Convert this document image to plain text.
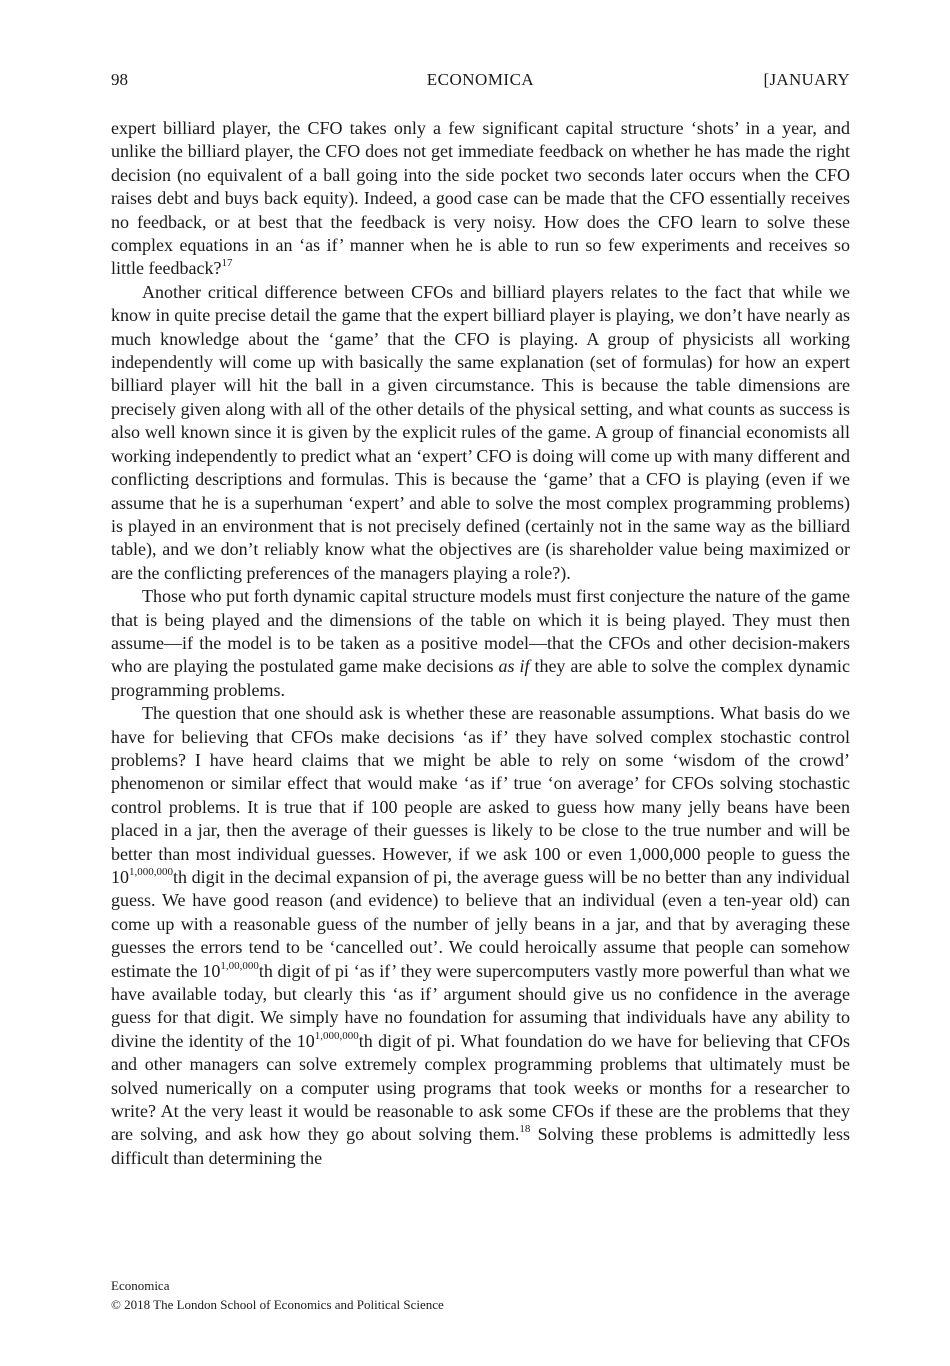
98	ECONOMICA	[JANUARY

expert billiard player, the CFO takes only a few significant capital structure ‘shots’ in a year, and unlike the billiard player, the CFO does not get immediate feedback on whether he has made the right decision (no equivalent of a ball going into the side pocket two seconds later occurs when the CFO raises debt and buys back equity). Indeed, a good case can be made that the CFO essentially receives no feedback, or at best that the feedback is very noisy. How does the CFO learn to solve these complex equations in an ‘as if’ manner when he is able to run so few experiments and receives so little feedback?$^{17}$

Another critical difference between CFOs and billiard players relates to the fact that while we know in quite precise detail the game that the expert billiard player is playing, we don’t have nearly as much knowledge about the ‘game’ that the CFO is playing. A group of physicists all working independently will come up with basically the same explanation (set of formulas) for how an expert billiard player will hit the ball in a given circumstance. This is because the table dimensions are precisely given along with all of the other details of the physical setting, and what counts as success is also well known since it is given by the explicit rules of the game. A group of financial economists all working independently to predict what an ‘expert’ CFO is doing will come up with many different and conflicting descriptions and formulas. This is because the ‘game’ that a CFO is playing (even if we assume that he is a superhuman ‘expert’ and able to solve the most complex programming problems) is played in an environment that is not precisely defined (certainly not in the same way as the billiard table), and we don’t reliably know what the objectives are (is shareholder value being maximized or are the conflicting preferences of the managers playing a role?).

Those who put forth dynamic capital structure models must first conjecture the nature of the game that is being played and the dimensions of the table on which it is being played. They must then assume—if the model is to be taken as a positive model—that the CFOs and other decision-makers who are playing the postulated game make decisions as if they are able to solve the complex dynamic programming problems.

The question that one should ask is whether these are reasonable assumptions. What basis do we have for believing that CFOs make decisions ‘as if’ they have solved complex stochastic control problems? I have heard claims that we might be able to rely on some ‘wisdom of the crowd’ phenomenon or similar effect that would make ‘as if’ true ‘on average’ for CFOs solving stochastic control problems. It is true that if 100 people are asked to guess how many jelly beans have been placed in a jar, then the average of their guesses is likely to be close to the true number and will be better than most individual guesses. However, if we ask 100 or even 1,000,000 people to guess the 10$^{1,000,000}$th digit in the decimal expansion of pi, the average guess will be no better than any individual guess. We have good reason (and evidence) to believe that an individual (even a ten-year old) can come up with a reasonable guess of the number of jelly beans in a jar, and that by averaging these guesses the errors tend to be ‘cancelled out’. We could heroically assume that people can somehow estimate the 10$^{1,00,000}$th digit of pi ‘as if’ they were supercomputers vastly more powerful than what we have available today, but clearly this ‘as if’ argument should give us no confidence in the average guess for that digit. We simply have no foundation for assuming that individuals have any ability to divine the identity of the 10$^{1,000,000}$th digit of pi. What foundation do we have for believing that CFOs and other managers can solve extremely complex programming problems that ultimately must be solved numerically on a computer using programs that took weeks or months for a researcher to write? At the very least it would be reasonable to ask some CFOs if these are the problems that they are solving, and ask how they go about solving them.$^{18}$ Solving these problems is admittedly less difficult than determining the

Economica
© 2018 The London School of Economics and Political Science
